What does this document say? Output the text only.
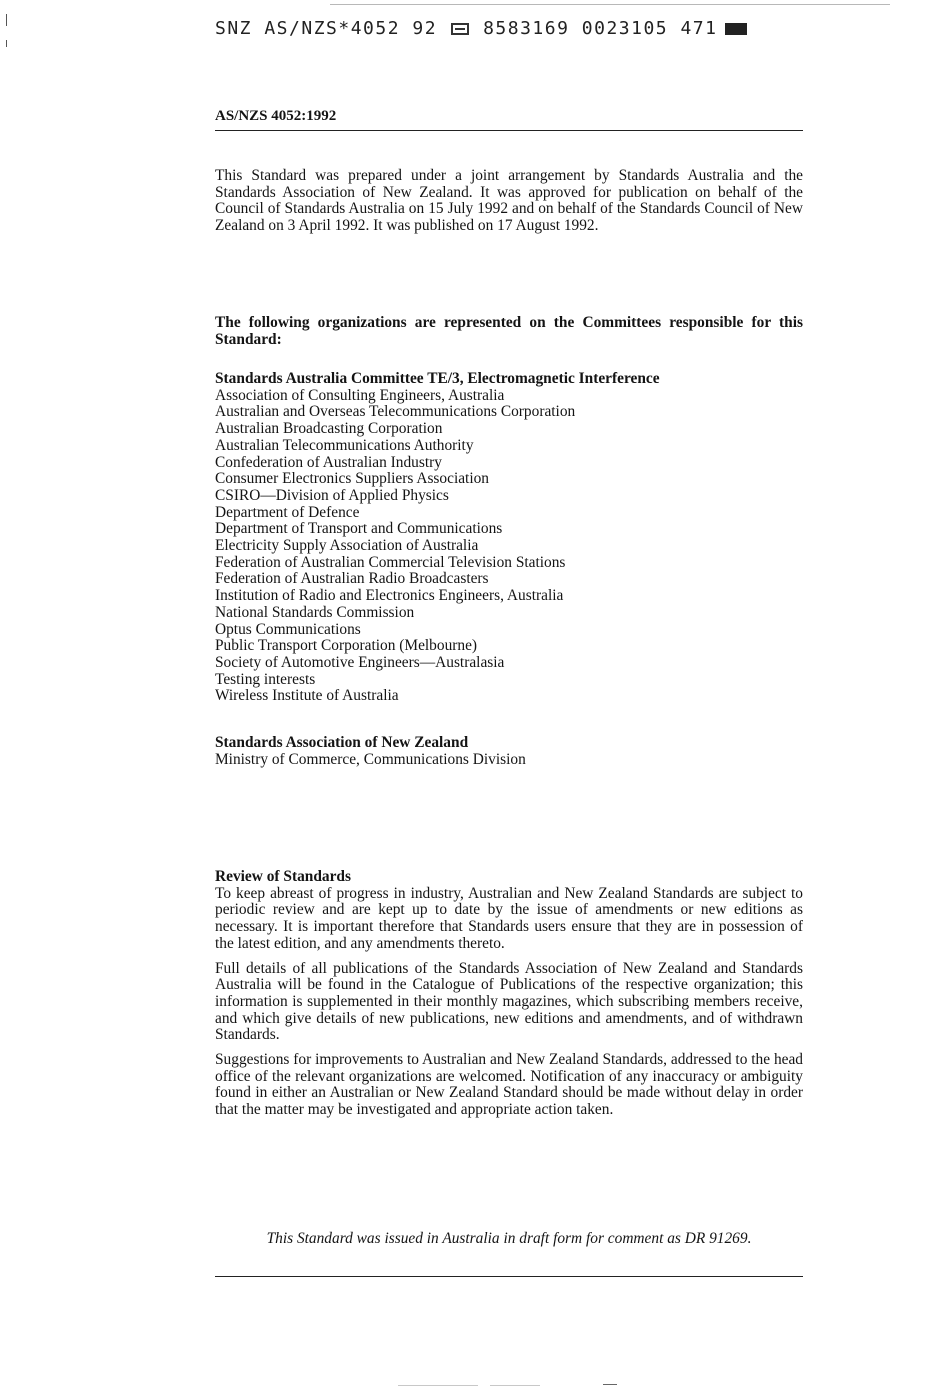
SNZ AS/NZS*4052 92	8583169 0023105 471
AS/NZS 4052:1992
This Standard was prepared under a joint arrangement by Standards Australia and the Standards Association of New Zealand. It was approved for publication on behalf of the Council of Standards Australia on 15 July 1992 and on behalf of the Standards Council of New Zealand on 3 April 1992. It was published on 17 August 1992.
The following organizations are represented on the Committees responsible for this Standard:
Standards Australia Committee TE/3, Electromagnetic Interference
Association of Consulting Engineers, Australia
Australian and Overseas Telecommunications Corporation
Australian Broadcasting Corporation
Australian Telecommunications Authority
Confederation of Australian Industry
Consumer Electronics Suppliers Association
CSIRO—Division of Applied Physics
Department of Defence
Department of Transport and Communications
Electricity Supply Association of Australia
Federation of Australian Commercial Television Stations
Federation of Australian Radio Broadcasters
Institution of Radio and Electronics Engineers, Australia
National Standards Commission
Optus Communications
Public Transport Corporation (Melbourne)
Society of Automotive Engineers—Australasia
Testing interests
Wireless Institute of Australia
Standards Association of New Zealand
Ministry of Commerce, Communications Division
Review of Standards

To keep abreast of progress in industry, Australian and New Zealand Standards are subject to periodic review and are kept up to date by the issue of amendments or new editions as necessary. It is important therefore that Standards users ensure that they are in possession of the latest edition, and any amendments thereto.

Full details of all publications of the Standards Association of New Zealand and Standards Australia will be found in the Catalogue of Publications of the respective organization; this information is supplemented in their monthly magazines, which subscribing members receive, and which give details of new publications, new editions and amendments, and of withdrawn Standards.

Suggestions for improvements to Australian and New Zealand Standards, addressed to the head office of the relevant organizations are welcomed. Notification of any inaccuracy or ambiguity found in either an Australian or New Zealand Standard should be made without delay in order that the matter may be investigated and appropriate action taken.

This Standard was issued in Australia in draft form for comment as DR 91269.
